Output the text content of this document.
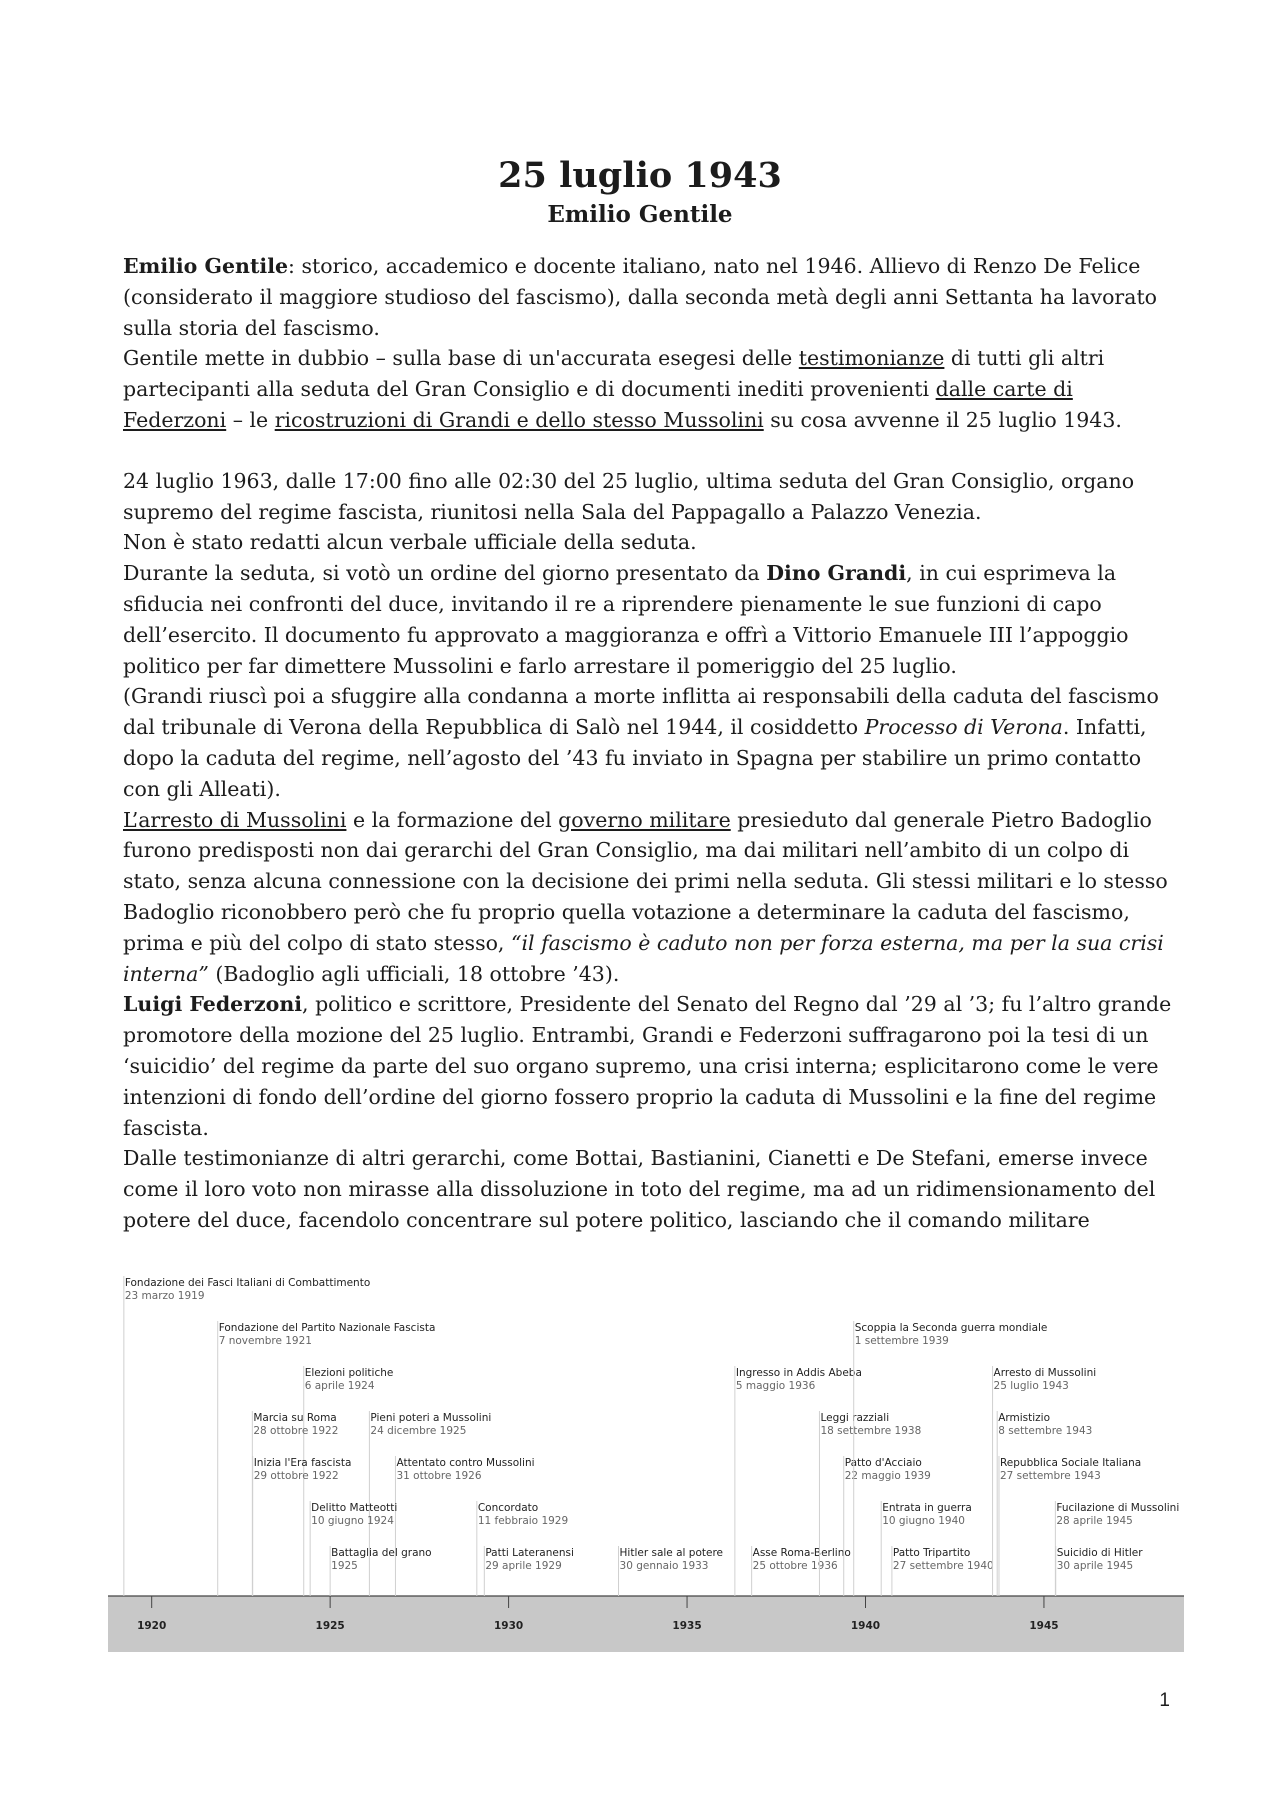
25 luglio 1943
Emilio Gentile

Emilio Gentile: storico, accademico e docente italiano, nato nel 1946. Allievo di Renzo De Felice (considerato il maggiore studioso del fascismo), dalla seconda metà degli anni Settanta ha lavorato sulla storia del fascismo.

Gentile mette in dubbio – sulla base di un'accurata esegesi delle testimonianze di tutti gli altri partecipanti alla seduta del Gran Consiglio e di documenti inediti provenienti dalle carte di Federzoni – le ricostruzioni di Grandi e dello stesso Mussolini su cosa avvenne il 25 luglio 1943.

24 luglio 1963, dalle 17:00 fino alle 02:30 del 25 luglio, ultima seduta del Gran Consiglio, organo supremo del regime fascista, riunitosi nella Sala del Pappagallo a Palazzo Venezia.

Non è stato redatti alcun verbale ufficiale della seduta.

Durante la seduta, si votò un ordine del giorno presentato da Dino Grandi, in cui esprimeva la sfiducia nei confronti del duce, invitando il re a riprendere pienamente le sue funzioni di capo dell’esercito. Il documento fu approvato a maggioranza e offrì a Vittorio Emanuele III l’appoggio politico per far dimettere Mussolini e farlo arrestare il pomeriggio del 25 luglio.

(Grandi riuscì poi a sfuggire alla condanna a morte inflitta ai responsabili della caduta del fascismo dal tribunale di Verona della Repubblica di Salò nel 1944, il cosiddetto Processo di Verona. Infatti, dopo la caduta del regime, nell’agosto del ’43 fu inviato in Spagna per stabilire un primo contatto con gli Alleati).

L’arresto di Mussolini e la formazione del governo militare presieduto dal generale Pietro Badoglio furono predisposti non dai gerarchi del Gran Consiglio, ma dai militari nell’ambito di un colpo di stato, senza alcuna connessione con la decisione dei primi nella seduta. Gli stessi militari e lo stesso Badoglio riconobbero però che fu proprio quella votazione a determinare la caduta del fascismo, prima e più del colpo di stato stesso, “il fascismo è caduto non per forza esterna, ma per la sua crisi interna” (Badoglio agli ufficiali, 18 ottobre ’43).

Luigi Federzoni, politico e scrittore, Presidente del Senato del Regno dal ’29 al ’3; fu l’altro grande promotore della mozione del 25 luglio. Entrambi, Grandi e Federzoni suffragarono poi la tesi di un ‘suicidio’ del regime da parte del suo organo supremo, una crisi interna; esplicitarono come le vere intenzioni di fondo dell’ordine del giorno fossero proprio la caduta di Mussolini e la fine del regime fascista.

Dalle testimonianze di altri gerarchi, come Bottai, Bastianini, Cianetti e De Stefani, emerse invece come il loro voto non mirasse alla dissoluzione in toto del regime, ma ad un ridimensionamento del potere del duce, facendolo concentrare sul potere politico, lasciando che il comando militare

1920	1925	1930	1935	1940	1945
Fondazione dei Fasci Italiani di Combattimento
23 marzo 1919
Fondazione del Partito Nazionale Fascista
7 novembre 1921
Elezioni politiche
6 aprile 1924
Marcia su Roma
28 ottobre 1922
Pieni poteri a Mussolini
24 dicembre 1925
Inizia l'Era fascista
29 ottobre 1922
Attentato contro Mussolini
31 ottobre 1926
Delitto Matteotti
10 giugno 1924
Concordato
11 febbraio 1929
Battaglia del grano
1925
Patti Lateranensi
29 aprile 1929
Hitler sale al potere
30 gennaio 1933
Asse Roma-Berlino
25 ottobre 1936
Ingresso in Addis Abeba
5 maggio 1936
Leggi razziali
18 settembre 1938
Patto d'Acciaio
22 maggio 1939
Scoppia la Seconda guerra mondiale
1 settembre 1939
Entrata in guerra
10 giugno 1940
Patto Tripartito
27 settembre 1940
Arresto di Mussolini
25 luglio 1943
Armistizio
8 settembre 1943
Repubblica Sociale Italiana
27 settembre 1943
Fucilazione di Mussolini
28 aprile 1945
Suicidio di Hitler
30 aprile 1945
1
